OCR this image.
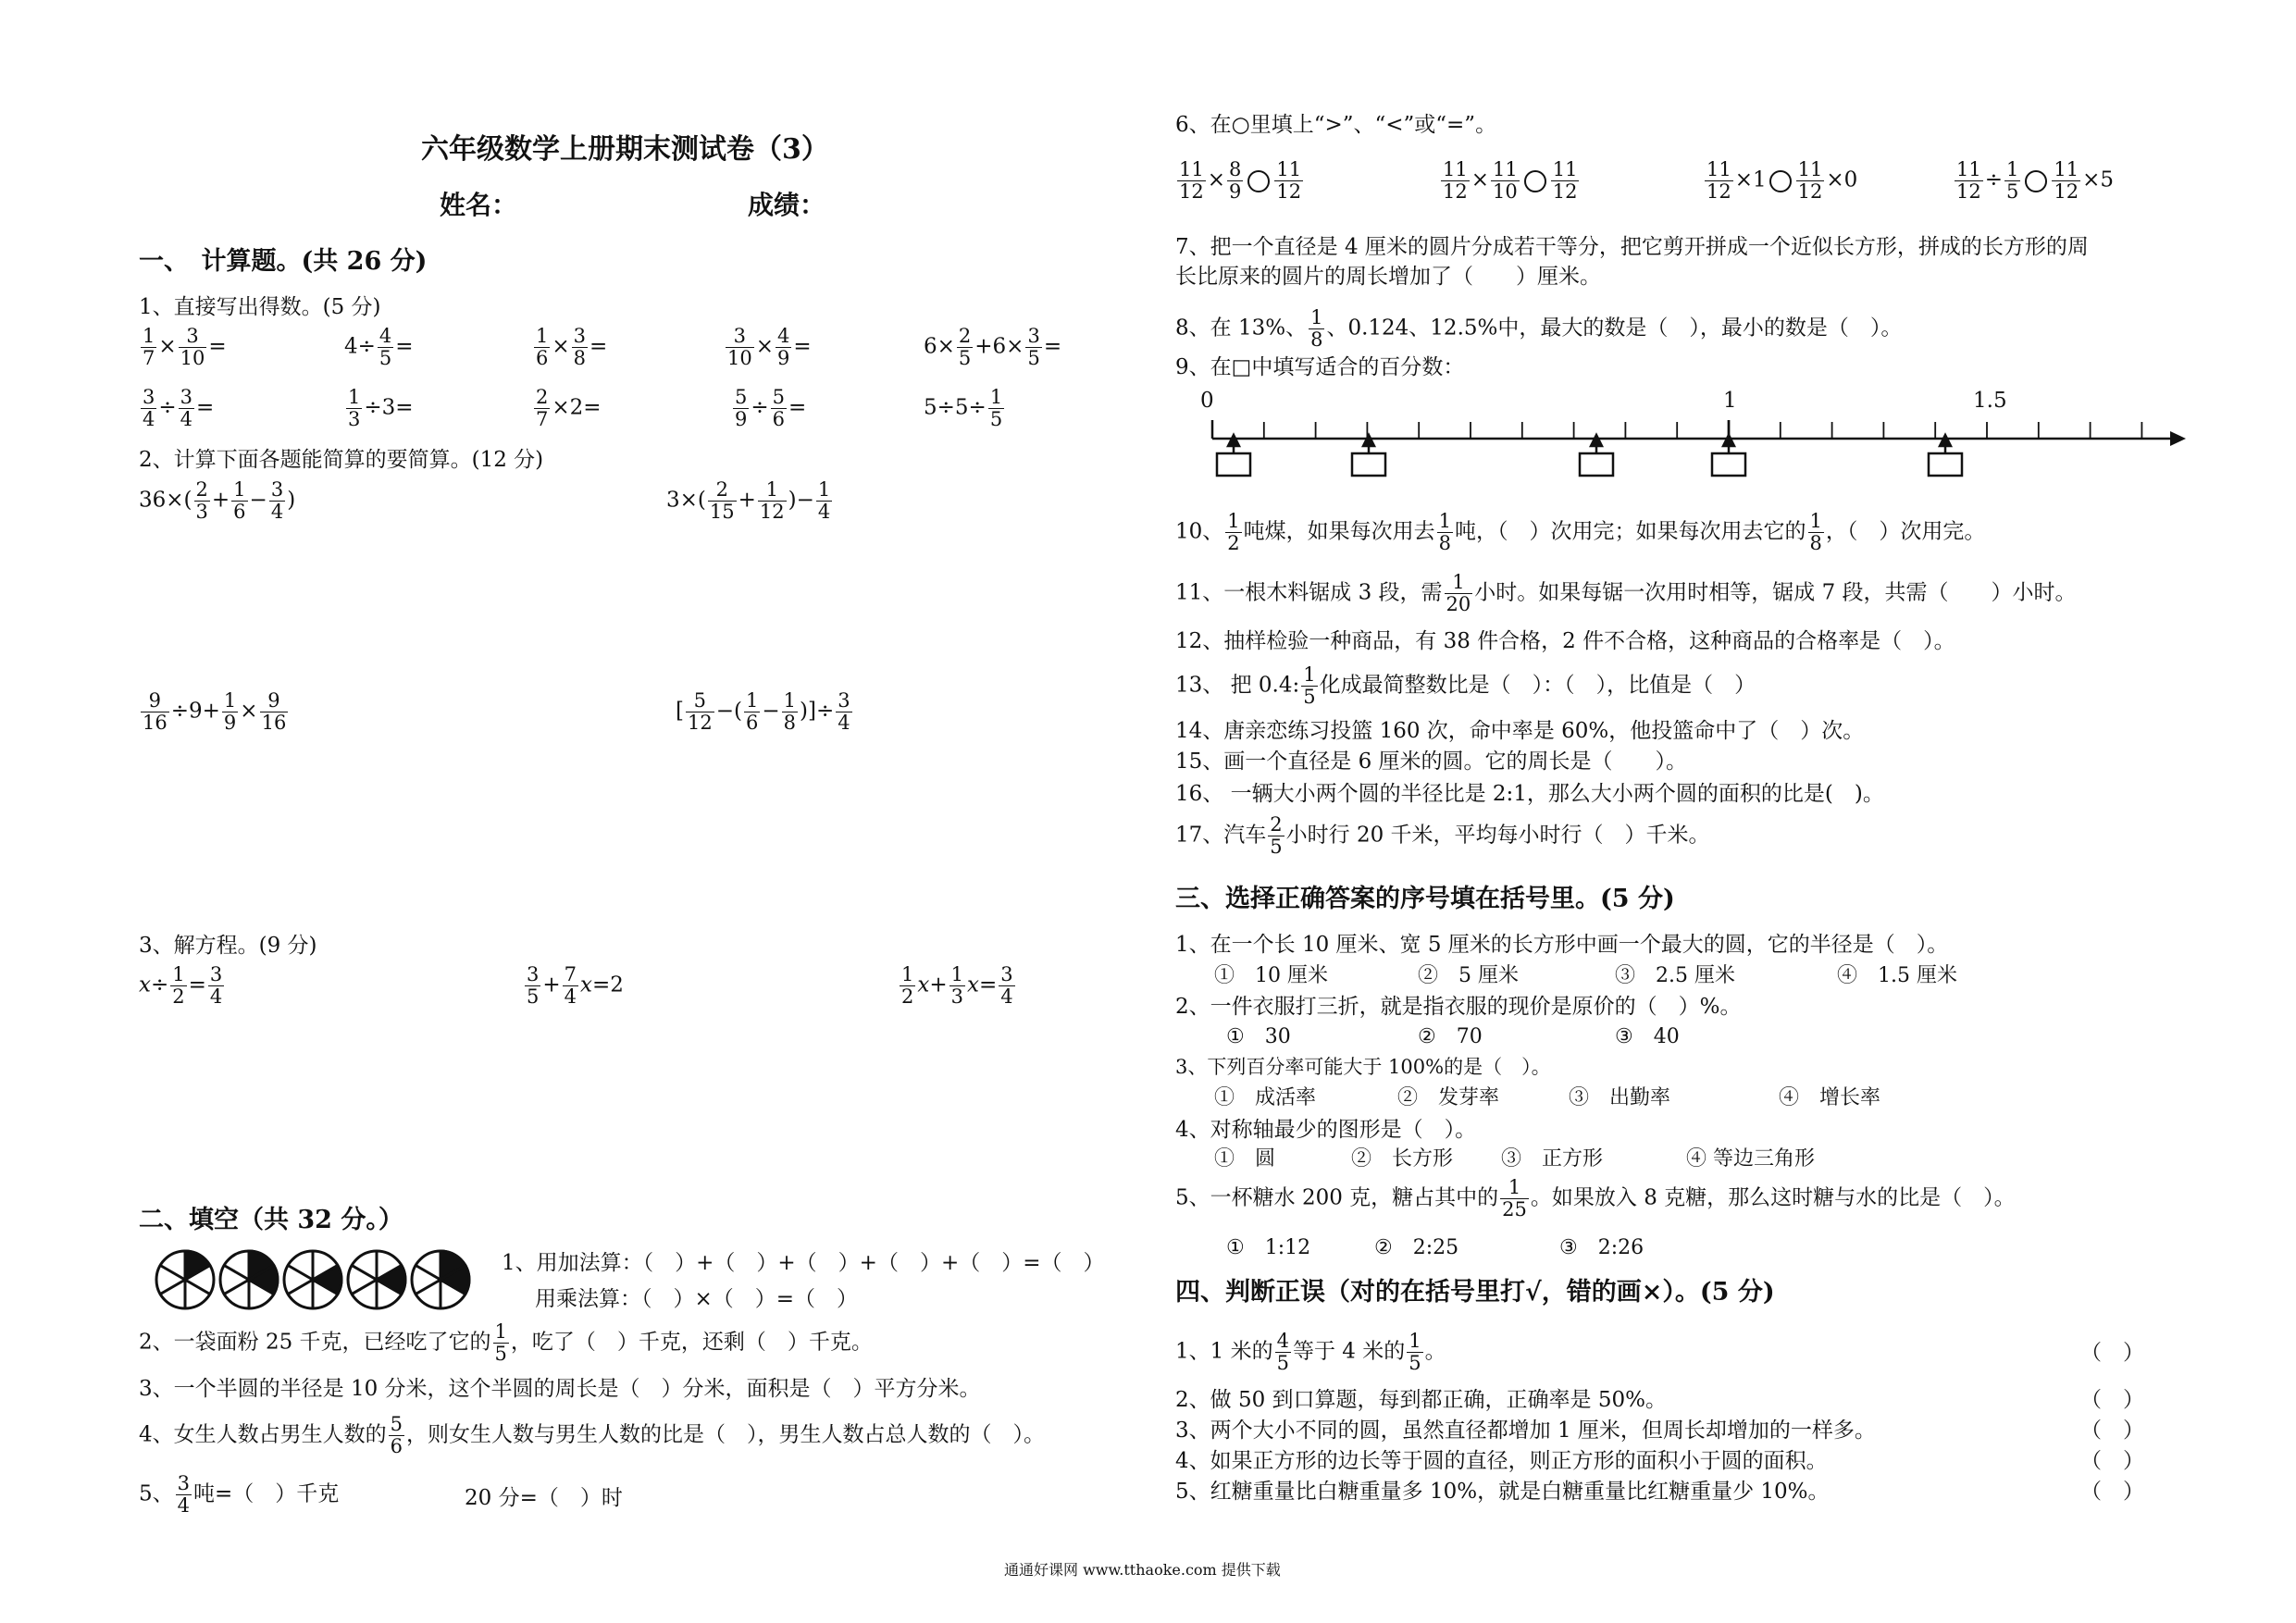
六年级数学上册期末测试卷（3）
姓名：	成绩：
一、　计算题。(共 26 分)
1、直接写出得数。(5 分)
$\frac{1}{7} \times \frac{3}{10}$ =	$4\div \frac{4}{5}$ =	$\frac{1}{6} \times \frac{3}{8}$ =	$\frac{3}{10} \times \frac{4}{9}$ =	$6\times \frac{2}{5} +6\times \frac{3}{5}$ =
$\frac{3}{4} \div \frac{3}{4}$ =	$\frac{1}{3} \div 3=$	$\frac{2}{7} \times 2=$	$\frac{5}{9} \div \frac{5}{6}$ =	$5\div 5\div \frac{1}{5}$
2、计算下面各题能简算的要简算。(12 分)
$36\times( \frac{2}{3} + \frac{1}{6} - \frac{3}{4}$ )	$3\times( \frac{2}{15} + \frac{1}{12}$ )− $\frac{1}{4}$
$\frac{9}{16} \div 9+ \frac{1}{9} \times \frac{9}{16}$	[ $\frac{5}{12}$ −( $\frac{1}{6} - \frac{1}{8}$ )]÷ $\frac{3}{4}$
3、解方程。(9 分)
$x\div \frac{1}{2} = \frac{3}{4}$	$\frac{3}{5} + \frac{7}{4} x=2$	$\frac{1}{2} x+ \frac{1}{3} x= \frac{3}{4}$
二、填空（共 32 分。）
1、用加法算：（　）+（　）+（　）+（　）+（　）=（　）
用乘法算：（　）×（　）=（　）
2、一袋面粉 25 千克，已经吃了它的 $\frac{1}{5}$ ，吃了（　）千克，还剩（　）千克。
3、一个半圆的半径是 10 分米，这个半圆的周长是（　）分米，面积是（　）平方分米。
4、女生人数占男生人数的 $\frac{5}{6}$ ，则女生人数与男生人数的比是（　），男生人数占总人数的（　）。
5、 $\frac{3}{4}$ 吨=（　）千克	20 分=（　）时
6、在○里填上“>”、“<”或“=”。
$\frac{11}{12} \times \frac{8}{9} \frac{11}{12}$	$\frac{11}{12} \times \frac{11}{10} \frac{11}{12}$	$\frac{11}{12} \times 1 \frac{11}{12} \times 0$	$\frac{11}{12} \div \frac{1}{5} \frac{11}{12} \times 5$
7、把一个直径是 4 厘米的圆片分成若干等分，把它剪开拼成一个近似长方形，拼成的长方形的周
长比原来的圆片的周长增加了（　　）厘米。
8、在 13%、 $\frac{1}{8}$ 、0.124、12.5%中，最大的数是（　），最小的数是（　）。
9、在□中填写适合的百分数：
0	1	1.5
10、 $\frac{1}{2}$ 吨煤，如果每次用去 $\frac{1}{8}$ 吨，（　）次用完；如果每次用去它的 $\frac{1}{8}$ ，（　）次用完。
11、一根木料锯成 3 段，需 $\frac{1}{20}$ 小时。如果每锯一次用时相等，锯成 7 段，共需（　　）小时。
12、抽样检验一种商品，有 38 件合格，2 件不合格，这种商品的合格率是（　）。
13、 把 0.4: $\frac{1}{5}$ 化成最简整数比是（　）：（　），比值是（　）
14、唐亲恋练习投篮 160 次，命中率是 60%，他投篮命中了（　）次。
15、画一个直径是 6 厘米的圆。它的周长是（　　）。
16、 一辆大小两个圆的半径比是 2:1，那么大小两个圆的面积的比是(　)。
17、汽车 $\frac{2}{5}$ 小时行 20 千米，平均每小时行（　）千米。
三、选择正确答案的序号填在括号里。(5 分)
1、在一个长 10 厘米、宽 5 厘米的长方形中画一个最大的圆，它的半径是（　）。
①　10 厘米	②　5 厘米	③　2.5 厘米	④　1.5 厘米
2、一件衣服打三折，就是指衣服的现价是原价的（　）%。
①　30	②　70	③　40
3、下列百分率可能大于 100%的是（　）。
①　成活率	②　发芽率	③　出勤率	④　增长率
4、对称轴最少的图形是（　）。
①　圆	②　长方形 ③　正方形	④ 等边三角形
5、一杯糖水 200 克，糖占其中的 $\frac{1}{25}$ 。如果放入 8 克糖，那么这时糖与水的比是（　）。
①　1:12	②　2:25	③　2:26
四、判断正误（对的在括号里打√，错的画×）。(5 分)
1、1 米的 $\frac{4}{5}$ 等于 4 米的 $\frac{1}{5}$ 。	（　）
2、做 50 到口算题，每到都正确，正确率是 50%。	（　）
3、两个大小不同的圆，虽然直径都增加 1 厘米，但周长却增加的一样多。	（　）
4、如果正方形的边长等于圆的直径，则正方形的面积小于圆的面积。	（　）
5、红糖重量比白糖重量多 10%，就是白糖重量比红糖重量少 10%。	（　）
通通好课网 www.tthaoke.com 提供下载
